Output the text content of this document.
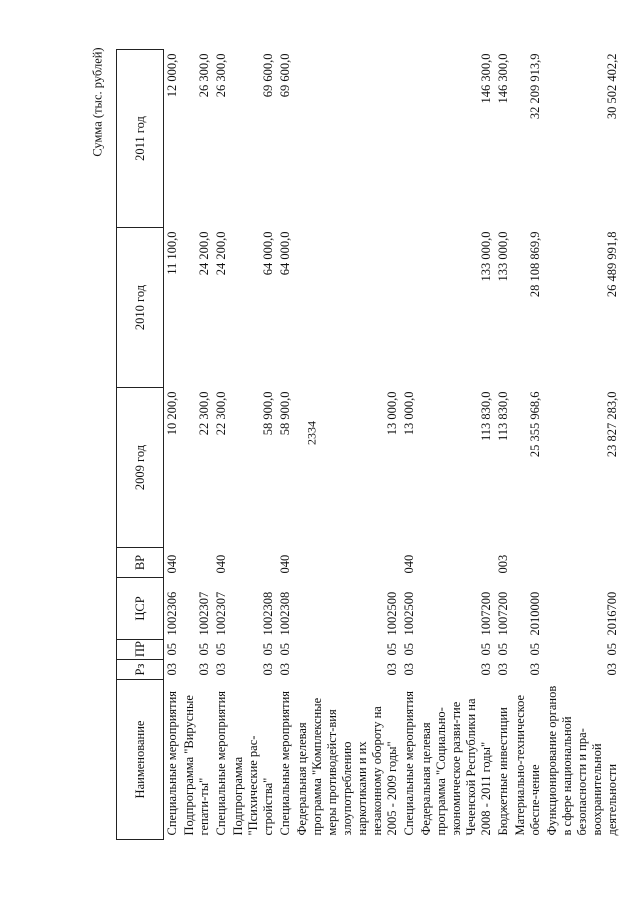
2334
Сумма (тыс. рублей)
Наименование	Рз	ПР	ЦСР	ВР	2009 год	2010 год	2011 год
Специальные мероприятия	03	05	1002306	040	10 200,0	11 100,0	12 000,0
Подпрограмма "Вирусные гепати-ты"	03	05	1002307		22 300,0	24 200,0	26 300,0
Специальные мероприятия	03	05	1002307	040	22 300,0	24 200,0	26 300,0
Подпрограмма "Психические рас-стройства"	03	05	1002308		58 900,0	64 000,0	69 600,0
Специальные мероприятия	03	05	1002308	040	58 900,0	64 000,0	69 600,0
Федеральная целевая программа "Комплексные меры противодейст-вия злоупотреблению наркотиками и их незаконному обороту на 2005 - 2009 годы"	03	05	1002500		13 000,0		
Специальные мероприятия	03	05	1002500	040	13 000,0		
Федеральная целевая программа "Социально-экономическое разви-тие Чеченской Республики на 2008 - 2011 годы"	03	05	1007200		113 830,0	133 000,0	146 300,0
Бюджетные инвестиции	03	05	1007200	003	113 830,0	133 000,0	146 300,0
Материально-техническое обеспе-чение	03	05	2010000		25 355 968,6	28 108 869,9	32 209 913,9
Функционирование органов в сфере национальной безопасности и пра-воохранительной деятельности	03	05	2016700		23 827 283,0	26 489 991,8	30 502 402,2
